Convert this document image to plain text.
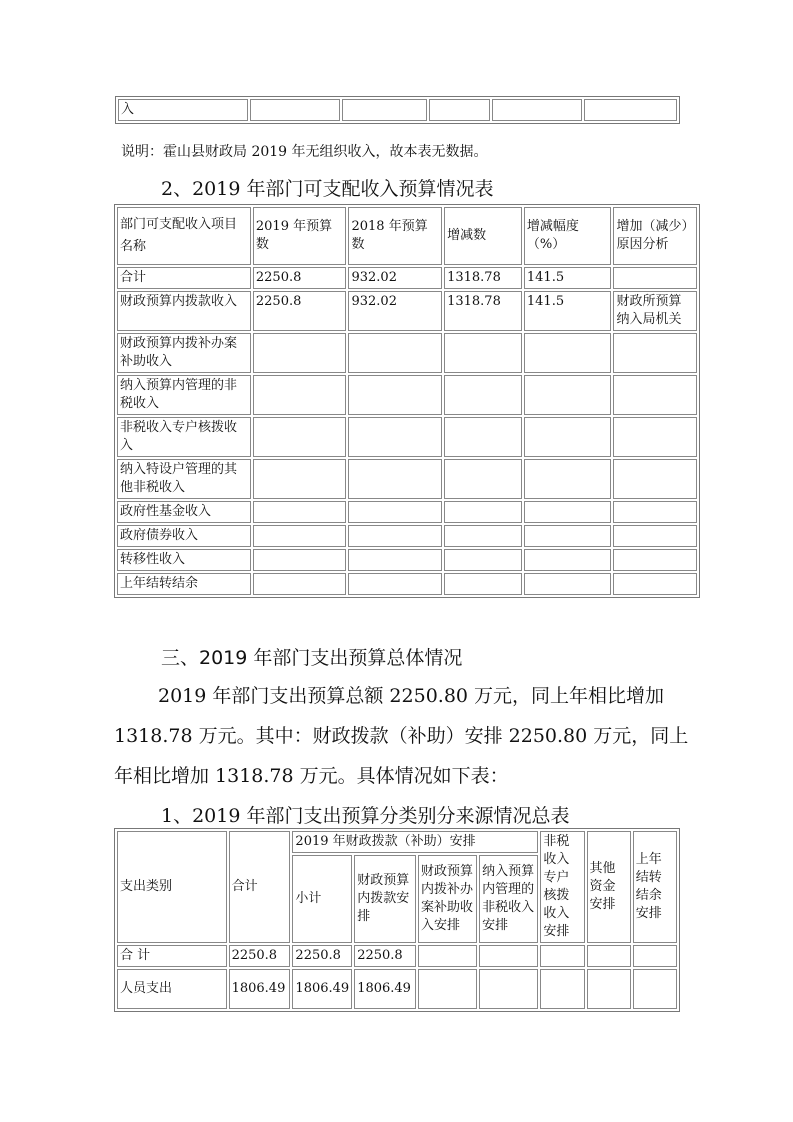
入					
说明：霍山县财政局 2019 年无组织收入，故本表无数据。
2、2019 年部门可支配收入预算情况表
部门可支配收入项目
名称	2019 年预算数	2018 年预算数	增减数	增减幅度（%）	增加（减少）原因分析
合计	2250.8	932.02	1318.78	141.5	
财政预算内拨款收入	2250.8	932.02	1318.78	141.5	财政所预算纳入局机关
财政预算内拨补办案补助收入					
纳入预算内管理的非税收入					
非税收入专户核拨收入					
纳入特设户管理的其他非税收入					
政府性基金收入					
政府债券收入					
转移性收入					
上年结转结余					
三、2019 年部门支出预算总体情况
2019 年部门支出预算总额 2250.80 万元，同上年相比增加 1318.78 万元。其中：财政拨款（补助）安排 2250.80 万元，同上年相比增加 1318.78 万元。具体情况如下表：
1、2019 年部门支出预算分类别分来源情况总表
支出类别	合计	2019 年财政拨款（补助）安排				非税收入专户核拨收入安排	其他资金安排	上年结转结余安排
		小计	财政预算内拨款安排	财政预算内拨补办案补助收入安排	纳入预算内管理的非税收入安排			
合 计	2250.8	2250.8	2250.8					
人员支出	1806.49	1806.49	1806.49					
